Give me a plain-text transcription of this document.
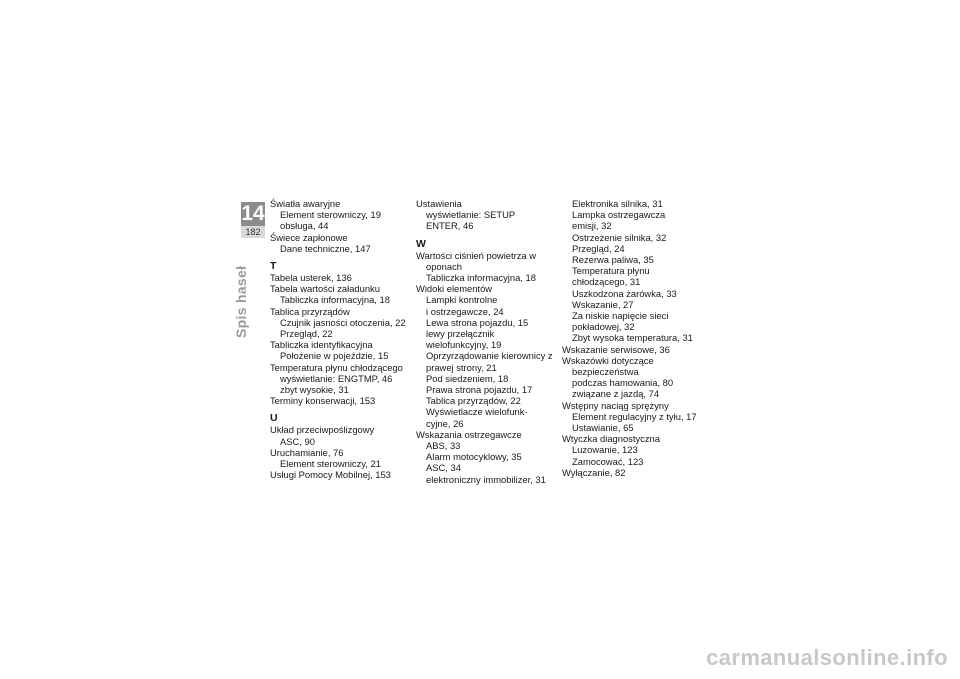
14
182
Spis haseł
Światła awaryjne
Element sterowniczy, 19
obsługa, 44
Świece zapłonowe
Dane techniczne, 147
T
Tabela usterek, 136
Tabela wartości załadunku
Tabliczka informacyjna, 18
Tablica przyrządów
Czujnik jasności otoczenia, 22
Przegląd, 22
Tabliczka identyfikacyjna
Położenie w pojeździe, 15
Temperatura płynu chłodzącego
wyświetlanie: ENGTMP, 46
zbyt wysokie, 31
Terminy konserwacji, 153
U
Układ przeciwpoślizgowy
ASC, 90
Uruchamianie, 76
Element sterowniczy, 21
Usługi Pomocy Mobilnej, 153
Ustawienia
wyświetlanie: SETUP
ENTER, 46
W
Wartości ciśnień powietrza w
oponach
Tabliczka informacyjna, 18
Widoki elementów
Lampki kontrolne
i ostrzegawcze, 24
Lewa strona pojazdu, 15
lewy przełącznik
wielofunkcyjny, 19
Oprzyrządowanie kierownicy z
prawej strony, 21
Pod siedzeniem, 18
Prawa strona pojazdu, 17
Tablica przyrządów, 22
Wyświetlacze wielofunk-
cyjne, 26
Wskazania ostrzegawcze
ABS, 33
Alarm motocyklowy, 35
ASC, 34
elektroniczny immobilizer, 31
Elektronika silnika, 31
Lampka ostrzegawcza
emisji, 32
Ostrzeżenie silnika, 32
Przegląd, 24
Rezerwa paliwa, 35
Temperatura płynu
chłodzącego, 31
Uszkodzona żarówka, 33
Wskazanie, 27
Za niskie napięcie sieci
pokładowej, 32
Zbyt wysoka temperatura, 31
Wskazanie serwisowe, 36
Wskazówki dotyczące
bezpieczeństwa
podczas hamowania, 80
związane z jazdą, 74
Wstępny naciąg sprężyny
Element regulacyjny z tyłu, 17
Ustawianie, 65
Wtyczka diagnostyczna
Luzowanie, 123
Zamocować, 123
Wyłączanie, 82
carmanualsonline.info
